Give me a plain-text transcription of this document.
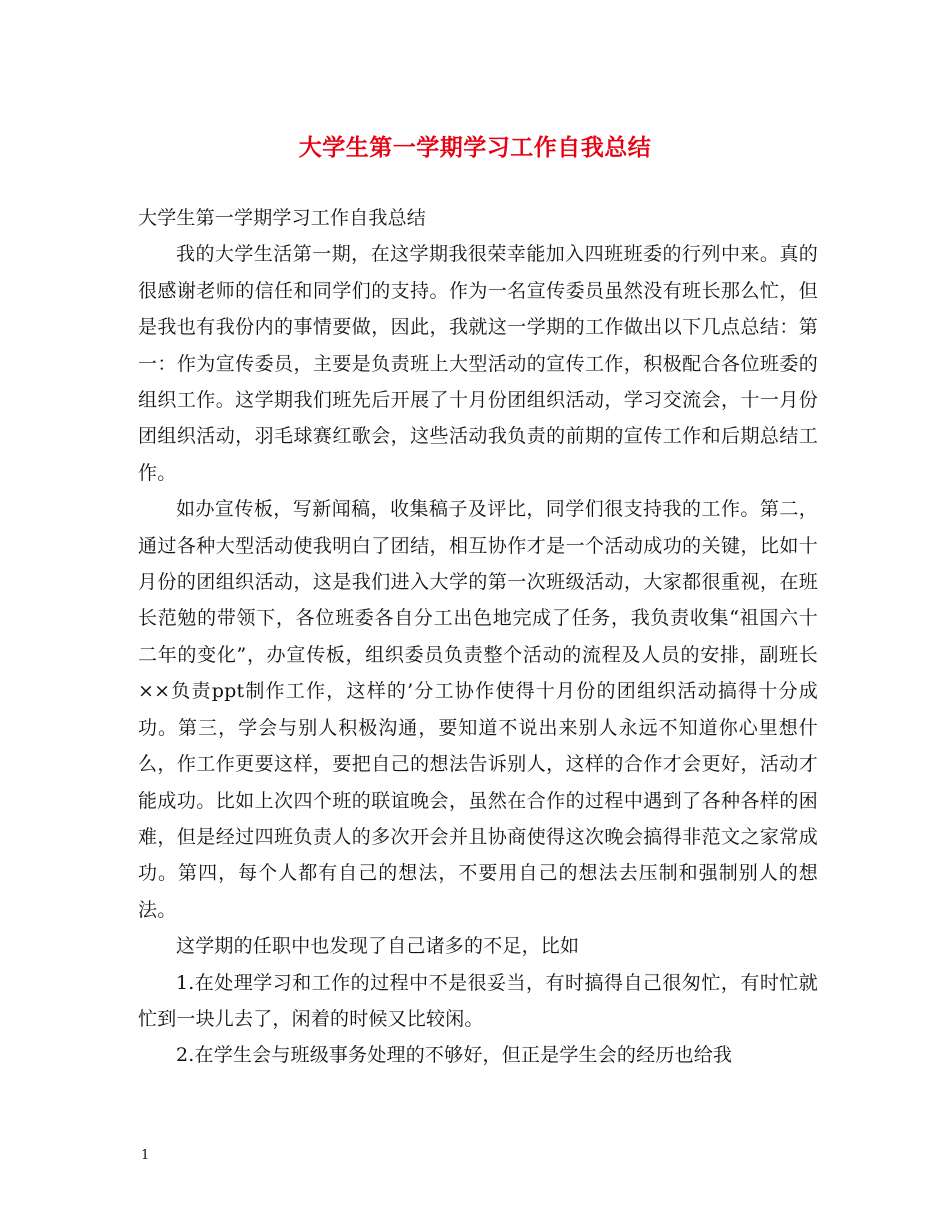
大学生第一学期学习工作自我总结

大学生第一学期学习工作自我总结

我的大学生活第一期，在这学期我很荣幸能加入四班班委的行列中来。真的很感谢老师的信任和同学们的支持。作为一名宣传委员虽然没有班长那么忙，但是我也有我份内的事情要做，因此，我就这一学期的工作做出以下几点总结：第一：作为宣传委员，主要是负责班上大型活动的宣传工作，积极配合各位班委的组织工作。这学期我们班先后开展了十月份团组织活动，学习交流会，十一月份团组织活动，羽毛球赛红歌会，这些活动我负责的前期的宣传工作和后期总结工作。

如办宣传板，写新闻稿，收集稿子及评比，同学们很支持我的工作。第二，通过各种大型活动使我明白了团结，相互协作才是一个活动成功的关键，比如十月份的团组织活动，这是我们进入大学的第一次班级活动，大家都很重视，在班长范勉的带领下，各位班委各自分工出色地完成了任务，我负责收集“祖国六十二年的变化”，办宣传板，组织委员负责整个活动的流程及人员的安排，副班长××负责ppt制作工作，这样的’分工协作使得十月份的团组织活动搞得十分成功。第三，学会与别人积极沟通，要知道不说出来别人永远不知道你心里想什么，作工作更要这样，要把自己的想法告诉别人，这样的合作才会更好，活动才能成功。比如上次四个班的联谊晚会，虽然在合作的过程中遇到了各种各样的困难，但是经过四班负责人的多次开会并且协商使得这次晚会搞得非范文之家常成功。第四，每个人都有自己的想法，不要用自己的想法去压制和强制别人的想法。

这学期的任职中也发现了自己诸多的不足，比如

1.在处理学习和工作的过程中不是很妥当，有时搞得自己很匆忙，有时忙就忙到一块儿去了，闲着的时候又比较闲。

2.在学生会与班级事务处理的不够好，但正是学生会的经历也给我

1
